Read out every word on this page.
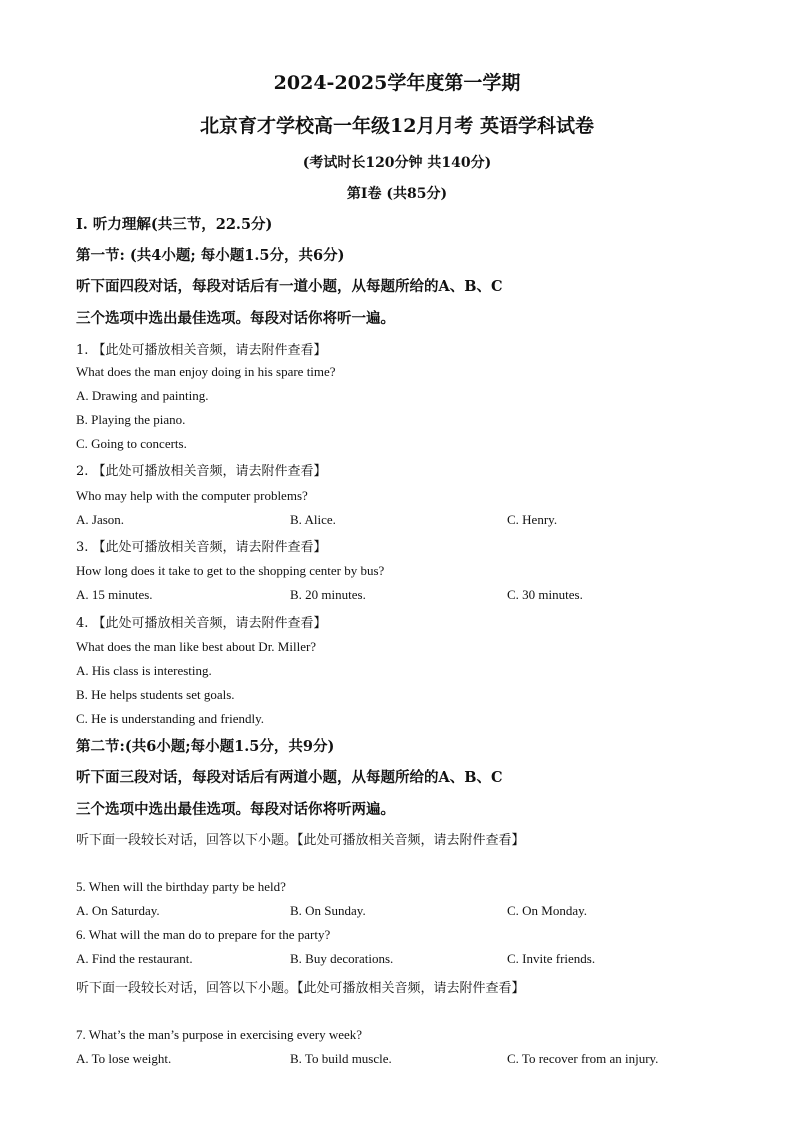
2024-2025学年度第一学期
北京育才学校高一年级12月月考 英语学科试卷
(考试时长120分钟 共140分)
第Ⅰ卷 (共85分)
Ⅰ. 听力理解(共三节，22.5分)
第一节: (共4小题; 每小题1.5分，共6分)
听下面四段对话，每段对话后有一道小题，从每题所给的A、B、C
三个选项中选出最佳选项。每段对话你将听一遍。
1. 【此处可播放相关音频，请去附件查看】
What does the man enjoy doing in his spare time?
A. Drawing and painting.
B. Playing the piano.
C. Going to concerts.
2. 【此处可播放相关音频，请去附件查看】
Who may help with the computer problems?
A. Jason.	B. Alice.	C. Henry.
3. 【此处可播放相关音频，请去附件查看】
How long does it take to get to the shopping center by bus?
A. 15 minutes.	B. 20 minutes.	C. 30 minutes.
4. 【此处可播放相关音频，请去附件查看】
What does the man like best about Dr. Miller?
A. His class is interesting.
B. He helps students set goals.
C. He is understanding and friendly.
第二节:(共6小题;每小题1.5分，共9分)
听下面三段对话，每段对话后有两道小题，从每题所给的A、B、C
三个选项中选出最佳选项。每段对话你将听两遍。
听下面一段较长对话，回答以下小题。【此处可播放相关音频，请去附件查看】
5. When will the birthday party be held?
A. On Saturday.	B. On Sunday.	C. On Monday.
6. What will the man do to prepare for the party?
A. Find the restaurant.	B. Buy decorations.	C. Invite friends.
听下面一段较长对话，回答以下小题。【此处可播放相关音频，请去附件查看】
7. What’s the man’s purpose in exercising every week?
A. To lose weight.	B. To build muscle.	C. To recover from an injury.
